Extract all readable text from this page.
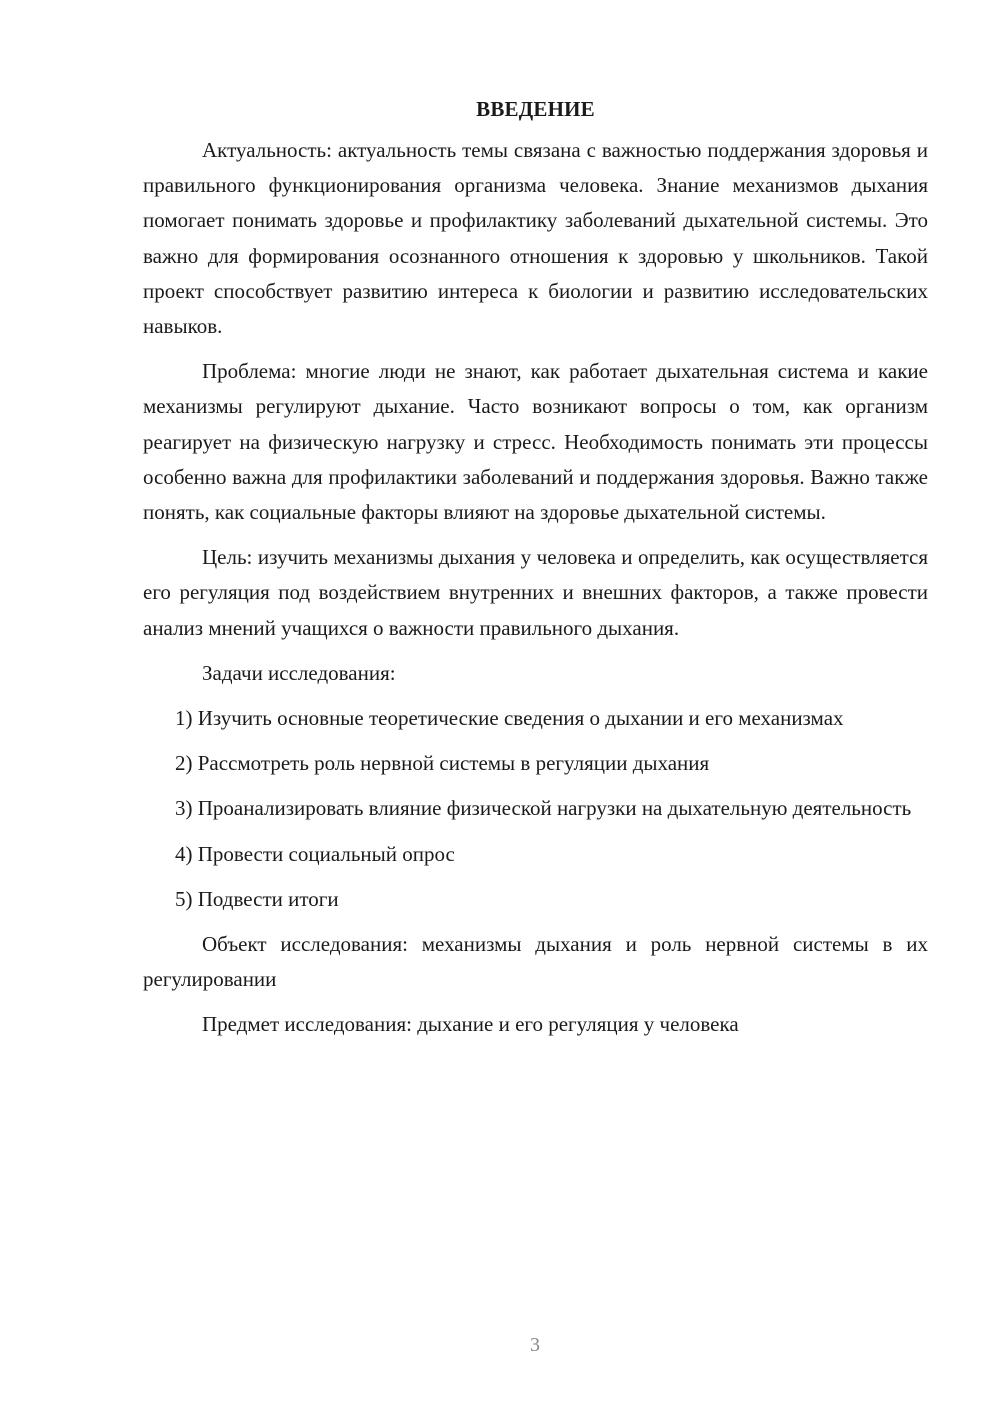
ВВЕДЕНИЕ

Актуальность: актуальность темы связана с важностью поддержания здоровья и правильного функционирования организма человека. Знание механизмов дыхания помогает понимать здоровье и профилактику заболеваний дыхательной системы. Это важно для формирования осознанного отношения к здоровью у школьников. Такой проект способствует развитию интереса к биологии и развитию исследовательских навыков.

Проблема: многие люди не знают, как работает дыхательная система и какие механизмы регулируют дыхание. Часто возникают вопросы о том, как организм реагирует на физическую нагрузку и стресс. Необходимость понимать эти процессы особенно важна для профилактики заболеваний и поддержания здоровья. Важно также понять, как социальные факторы влияют на здоровье дыхательной системы.

Цель: изучить механизмы дыхания у человека и определить, как осуществляется его регуляция под воздействием внутренних и внешних факторов, а также провести анализ мнений учащихся о важности правильного дыхания.

Задачи исследования:

1) Изучить основные теоретические сведения о дыхании и его механизмах

2) Рассмотреть роль нервной системы в регуляции дыхания

3) Проанализировать влияние физической нагрузки на дыхательную деятельность

4) Провести социальный опрос

5) Подвести итоги

Объект исследования: механизмы дыхания и роль нервной системы в их регулировании

Предмет исследования: дыхание и его регуляция у человека

3
